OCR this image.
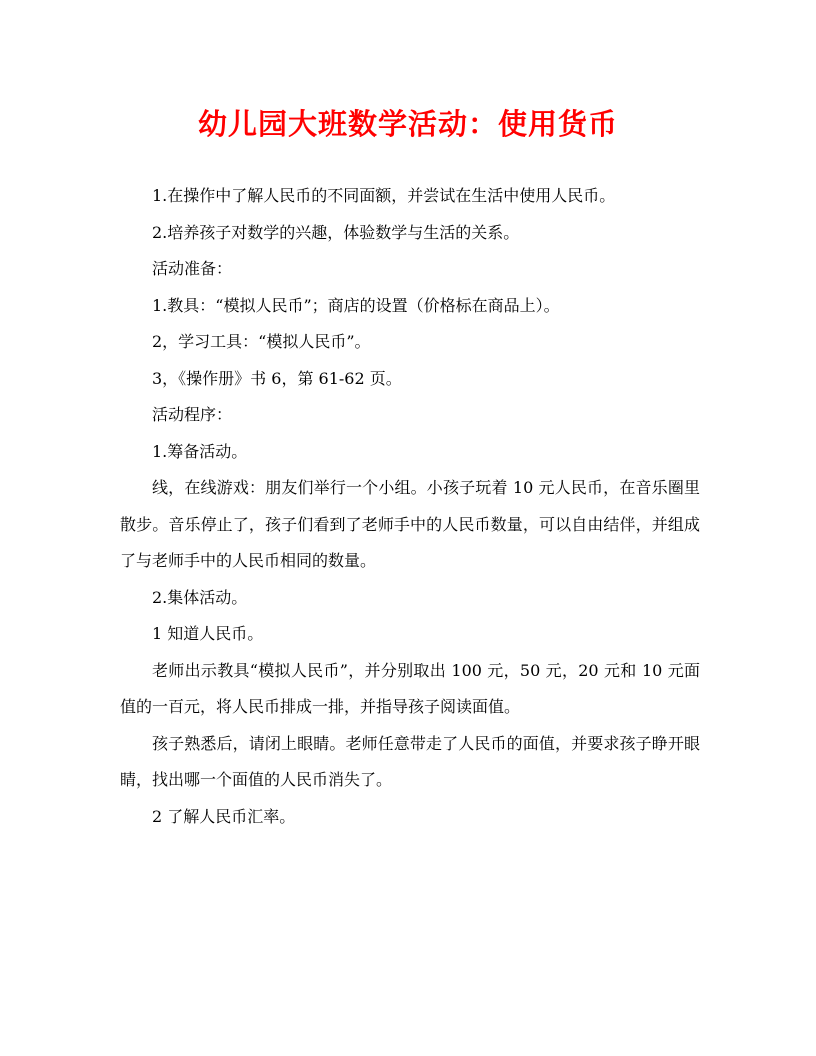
幼儿园大班数学活动：使用货币

1.在操作中了解人民币的不同面额，并尝试在生活中使用人民币。

2.培养孩子对数学的兴趣，体验数学与生活的关系。

活动准备：

1.教具：“模拟人民币”；商店的设置（价格标在商品上）。

2，学习工具：“模拟人民币”。

3，《操作册》书 6，第 61-62 页。

活动程序：

1.筹备活动。

线，在线游戏：朋友们举行一个小组。小孩子玩着 10 元人民币，在音乐圈里散步。音乐停止了，孩子们看到了老师手中的人民币数量，可以自由结伴，并组成了与老师手中的人民币相同的数量。

2.集体活动。

1 知道人民币。

老师出示教具“模拟人民币”，并分别取出 100 元，50 元，20 元和 10 元面值的一百元，将人民币排成一排，并指导孩子阅读面值。

孩子熟悉后，请闭上眼睛。老师任意带走了人民币的面值，并要求孩子睁开眼睛，找出哪一个面值的人民币消失了。

2 了解人民币汇率。
